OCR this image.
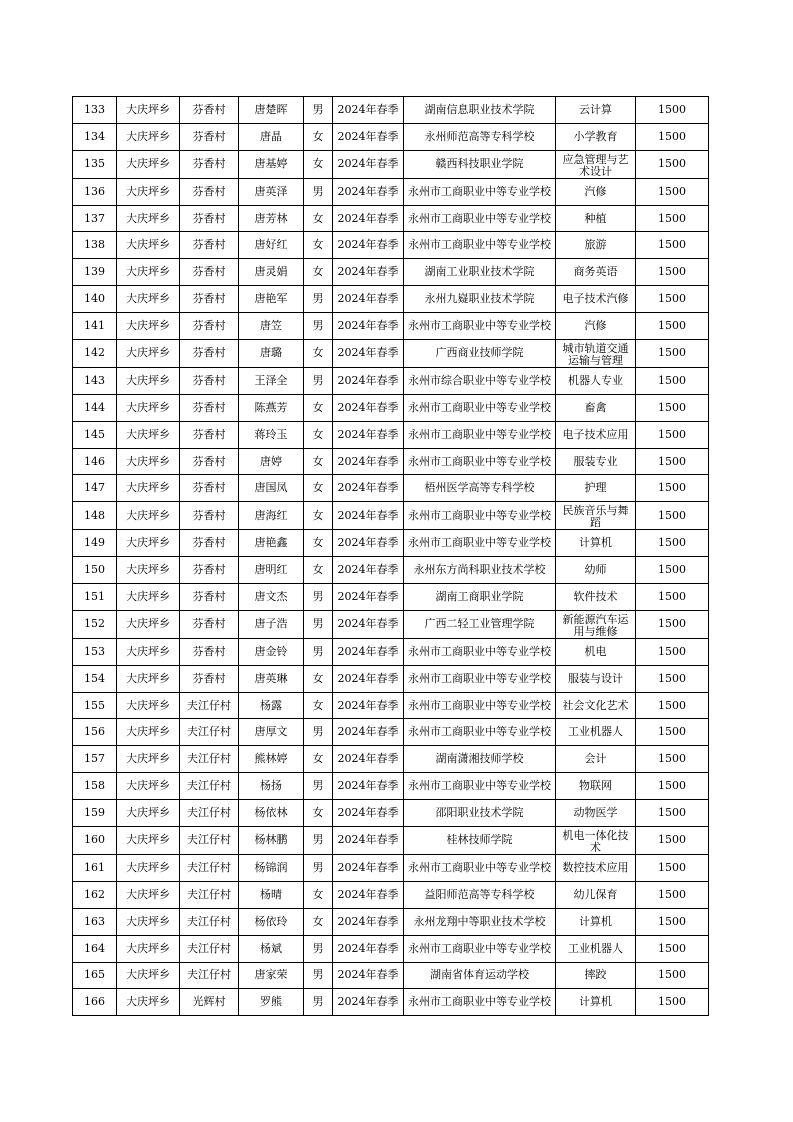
133	大庆坪乡	芬香村	唐楚晖	男	2024年春季	湖南信息职业技术学院	云计算	1500
134	大庆坪乡	芬香村	唐晶	女	2024年春季	永州师范高等专科学校	小学教育	1500
135	大庆坪乡	芬香村	唐基婷	女	2024年春季	赣西科技职业学院	应急管理与艺术设计	1500
136	大庆坪乡	芬香村	唐英泽	男	2024年春季	永州市工商职业中等专业学校	汽修	1500
137	大庆坪乡	芬香村	唐芳林	女	2024年春季	永州市工商职业中等专业学校	种植	1500
138	大庆坪乡	芬香村	唐好红	女	2024年春季	永州市工商职业中等专业学校	旅游	1500
139	大庆坪乡	芬香村	唐灵娟	女	2024年春季	湖南工业职业技术学院	商务英语	1500
140	大庆坪乡	芬香村	唐艳军	男	2024年春季	永州九嶷职业技术学院	电子技术汽修	1500
141	大庆坪乡	芬香村	唐笠	男	2024年春季	永州市工商职业中等专业学校	汽修	1500
142	大庆坪乡	芬香村	唐璐	女	2024年春季	广西商业技师学院	城市轨道交通运输与管理	1500
143	大庆坪乡	芬香村	王泽全	男	2024年春季	永州市综合职业中等专业学校	机器人专业	1500
144	大庆坪乡	芬香村	陈燕芳	女	2024年春季	永州市工商职业中等专业学校	畜禽	1500
145	大庆坪乡	芬香村	蒋玲玉	女	2024年春季	永州市工商职业中等专业学校	电子技术应用	1500
146	大庆坪乡	芬香村	唐婷	女	2024年春季	永州市工商职业中等专业学校	服装专业	1500
147	大庆坪乡	芬香村	唐国凤	女	2024年春季	梧州医学高等专科学校	护理	1500
148	大庆坪乡	芬香村	唐海红	女	2024年春季	永州市工商职业中等专业学校	民族音乐与舞蹈	1500
149	大庆坪乡	芬香村	唐艳鑫	女	2024年春季	永州市工商职业中等专业学校	计算机	1500
150	大庆坪乡	芬香村	唐明红	女	2024年春季	永州东方尚科职业技术学校	幼师	1500
151	大庆坪乡	芬香村	唐文杰	男	2024年春季	湖南工商职业学院	软件技术	1500
152	大庆坪乡	芬香村	唐子浩	男	2024年春季	广西二轻工业管理学院	新能源汽车运用与维修	1500
153	大庆坪乡	芬香村	唐金铃	男	2024年春季	永州市工商职业中等专业学校	机电	1500
154	大庆坪乡	芬香村	唐英琳	女	2024年春季	永州市工商职业中等专业学校	服装与设计	1500
155	大庆坪乡	夫江仔村	杨露	女	2024年春季	永州市工商职业中等专业学校	社会文化艺术	1500
156	大庆坪乡	夫江仔村	唐厚文	男	2024年春季	永州市工商职业中等专业学校	工业机器人	1500
157	大庆坪乡	夫江仔村	熊林婷	女	2024年春季	湖南潇湘技师学校	会计	1500
158	大庆坪乡	夫江仔村	杨扬	男	2024年春季	永州市工商职业中等专业学校	物联网	1500
159	大庆坪乡	夫江仔村	杨依林	女	2024年春季	邵阳职业技术学院	动物医学	1500
160	大庆坪乡	夫江仔村	杨林鹏	男	2024年春季	桂林技师学院	机电一体化技术	1500
161	大庆坪乡	夫江仔村	杨锦润	男	2024年春季	永州市工商职业中等专业学校	数控技术应用	1500
162	大庆坪乡	夫江仔村	杨晴	女	2024年春季	益阳师范高等专科学校	幼儿保育	1500
163	大庆坪乡	夫江仔村	杨依玲	女	2024年春季	永州龙翔中等职业技术学校	计算机	1500
164	大庆坪乡	夫江仔村	杨斌	男	2024年春季	永州市工商职业中等专业学校	工业机器人	1500
165	大庆坪乡	夫江仔村	唐家荣	男	2024年春季	湖南省体育运动学校	摔跤	1500
166	大庆坪乡	光辉村	罗熊	男	2024年春季	永州市工商职业中等专业学校	计算机	1500
